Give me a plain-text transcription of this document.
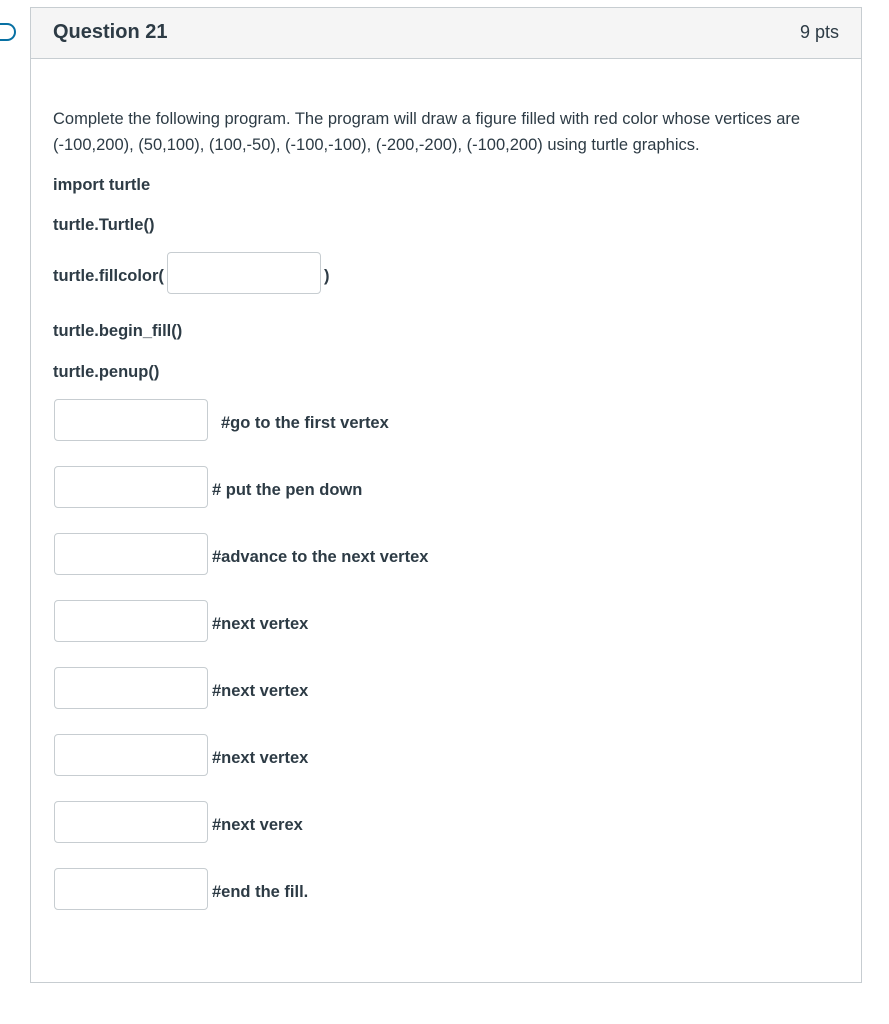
Question 21	9 pts
Complete the following program. The program will draw a figure filled with red color whose vertices are (-100,200), (50,100), (100,-50), (-100,-100), (-200,-200), (-100,200) using turtle graphics.
import turtle
turtle.Turtle()
turtle.fillcolor(	)
turtle.begin_fill()
turtle.penup()
#go to the first vertex
# put the pen down
#advance to the next vertex
#next vertex
#next vertex
#next vertex
#next verex
#end the fill.
